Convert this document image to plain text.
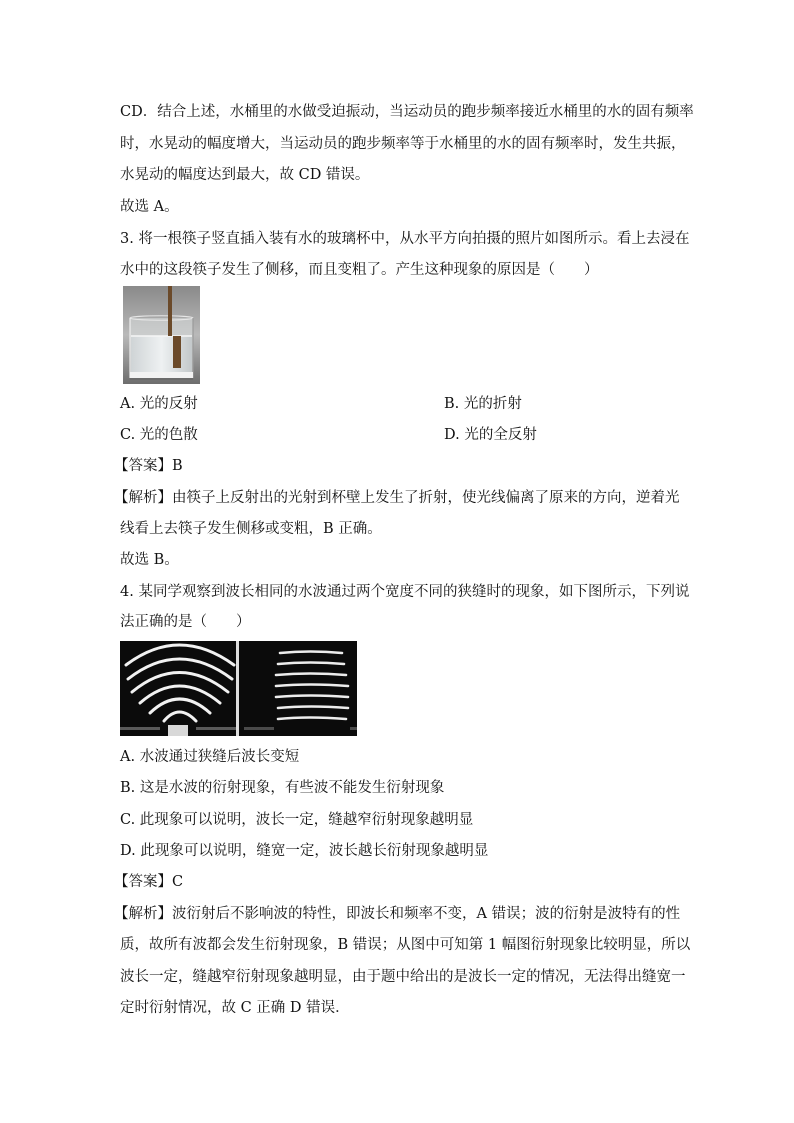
CD．结合上述，水桶里的水做受迫振动，当运动员的跑步频率接近水桶里的水的固有频率
时，水晃动的幅度增大，当运动员的跑步频率等于水桶里的水的固有频率时，发生共振，
水晃动的幅度达到最大，故 CD 错误。
故选 A。
3. 将一根筷子竖直插入装有水的玻璃杯中，从水平方向拍摄的照片如图所示。看上去浸在
水中的这段筷子发生了侧移，而且变粗了。产生这种现象的原因是（　　）
A. 光的反射	B. 光的折射
C. 光的色散	D. 光的全反射
【答案】B
【解析】由筷子上反射出的光射到杯壁上发生了折射，使光线偏离了原来的方向，逆着光
线看上去筷子发生侧移或变粗，B 正确。
故选 B。
4. 某同学观察到波长相同的水波通过两个宽度不同的狭缝时的现象，如下图所示，下列说
法正确的是（　　）
A. 水波通过狭缝后波长变短
B. 这是水波的衍射现象，有些波不能发生衍射现象
C. 此现象可以说明，波长一定，缝越窄衍射现象越明显
D. 此现象可以说明，缝宽一定，波长越长衍射现象越明显
【答案】C
【解析】波衍射后不影响波的特性，即波长和频率不变，A 错误；波的衍射是波特有的性
质，故所有波都会发生衍射现象，B 错误；从图中可知第 1 幅图衍射现象比较明显，所以
波长一定，缝越窄衍射现象越明显，由于题中给出的是波长一定的情况，无法得出缝宽一
定时衍射情况，故 C 正确 D 错误．
